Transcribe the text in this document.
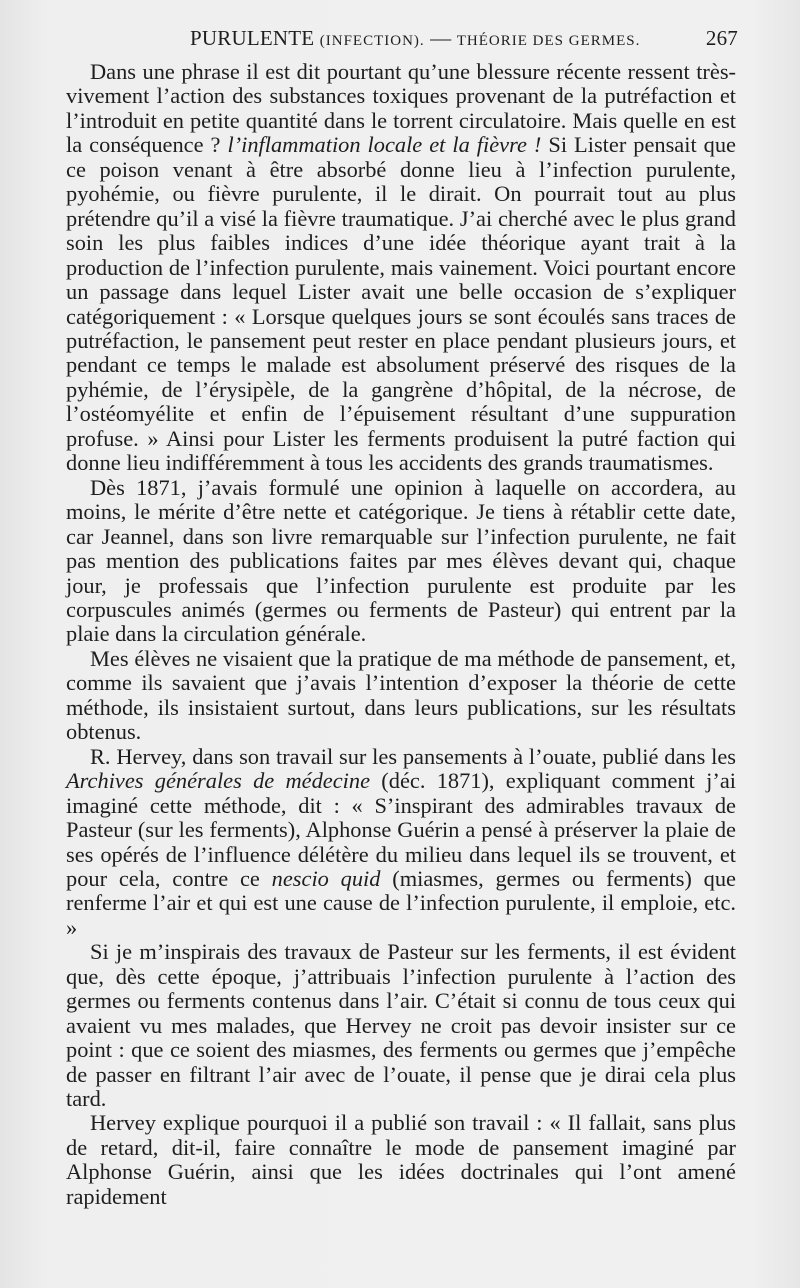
PURULENTE (INFECTION). — THÉORIE DES GERMES.	267

Dans une phrase il est dit pourtant qu’une blessure récente ressent très-vivement l’action des substances toxiques provenant de la putréfaction et l’introduit en petite quantité dans le torrent circulatoire. Mais quelle en est la conséquence ? l’inflammation locale et la fièvre ! Si Lister pensait que ce poison venant à être absorbé donne lieu à l’infection purulente, pyohémie, ou fièvre purulente, il le dirait. On pourrait tout au plus prétendre qu’il a visé la fièvre traumatique. J’ai cherché avec le plus grand soin les plus faibles indices d’une idée théorique ayant trait à la production de l’infection purulente, mais vainement. Voici pourtant encore un passage dans lequel Lister avait une belle occasion de s’expliquer catégoriquement : « Lorsque quelques jours se sont écoulés sans traces de putréfaction, le pansement peut rester en place pendant plusieurs jours, et pendant ce temps le malade est absolument préservé des risques de la pyhémie, de l’érysipèle, de la gangrène d’hôpital, de la nécrose, de l’ostéomyélite et enfin de l’épuisement résultant d’une suppuration profuse. » Ainsi pour Lister les ferments produisent la putré faction qui donne lieu indifféremment à tous les accidents des grands traumatismes.

Dès 1871, j’avais formulé une opinion à laquelle on accordera, au moins, le mérite d’être nette et catégorique. Je tiens à rétablir cette date, car Jeannel, dans son livre remarquable sur l’infection purulente, ne fait pas mention des publications faites par mes élèves devant qui, chaque jour, je professais que l’infection purulente est produite par les corpuscules animés (germes ou ferments de Pasteur) qui entrent par la plaie dans la circulation générale.

Mes élèves ne visaient que la pratique de ma méthode de pansement, et, comme ils savaient que j’avais l’intention d’exposer la théorie de cette méthode, ils insistaient surtout, dans leurs publications, sur les résultats obtenus.

R. Hervey, dans son travail sur les pansements à l’ouate, publié dans les Archives générales de médecine (déc. 1871), expliquant comment j’ai imaginé cette méthode, dit : « S’inspirant des admirables travaux de Pasteur (sur les ferments), Alphonse Guérin a pensé à préserver la plaie de ses opérés de l’influence délétère du milieu dans lequel ils se trouvent, et pour cela, contre ce nescio quid (miasmes, germes ou ferments) que renferme l’air et qui est une cause de l’infection purulente, il emploie, etc. »

Si je m’inspirais des travaux de Pasteur sur les ferments, il est évident que, dès cette époque, j’attribuais l’infection purulente à l’action des germes ou ferments contenus dans l’air. C’était si connu de tous ceux qui avaient vu mes malades, que Hervey ne croit pas devoir insister sur ce point : que ce soient des miasmes, des ferments ou germes que j’empêche de passer en filtrant l’air avec de l’ouate, il pense que je dirai cela plus tard.

Hervey explique pourquoi il a publié son travail : « Il fallait, sans plus de retard, dit-il, faire connaître le mode de pansement imaginé par Alphonse Guérin, ainsi que les idées doctrinales qui l’ont amené rapidement
